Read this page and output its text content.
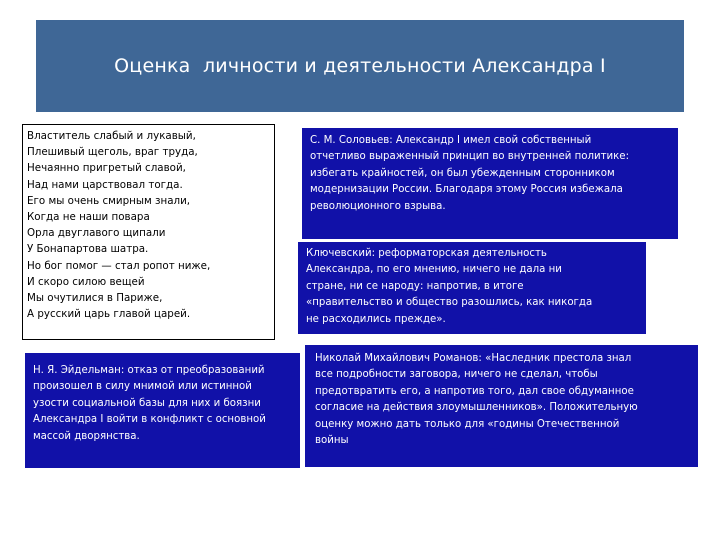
Оценка  личности и деятельности Александра I
Властитель слабый и лукавый,
Плешивый щеголь, враг труда,
Нечаянно пригретый славой,
Над нами царствовал тогда.
Его мы очень смирным знали,
Когда не наши повара
Орла двуглавого щипали
У Бонапартова шатра.
Но бог помог — стал ропот ниже,
И скоро силою вещей
Мы очутилися в Париже,
А русский царь главой царей.
С. М. Соловьев: Александр I имел свой собственный
отчетливо выраженный принцип во внутренней политике:
избегать крайностей, он был убежденным сторонником
модернизации России. Благодаря этому Россия избежала
революционного взрыва.
Ключевский: реформаторская деятельность
Александра, по его мнению, ничего не дала ни
стране, ни се народу: напротив, в итоге
«правительство и общество разошлись, как никогда
не расходились прежде».
Н. Я. Эйдельман: отказ от преобразований
произошел в силу мнимой или истинной
узости социальной базы для них и боязни
Александра I войти в конфликт с основной
массой дворянства.
Николай Михайлович Романов: «Наследник престола знал
все подробности заговора, ничего не сделал, чтобы
предотвратить его, а напротив того, дал свое обдуманное
согласие на действия злоумышленников». Положительную
оценку можно дать только для «годины Отечественной
войны
